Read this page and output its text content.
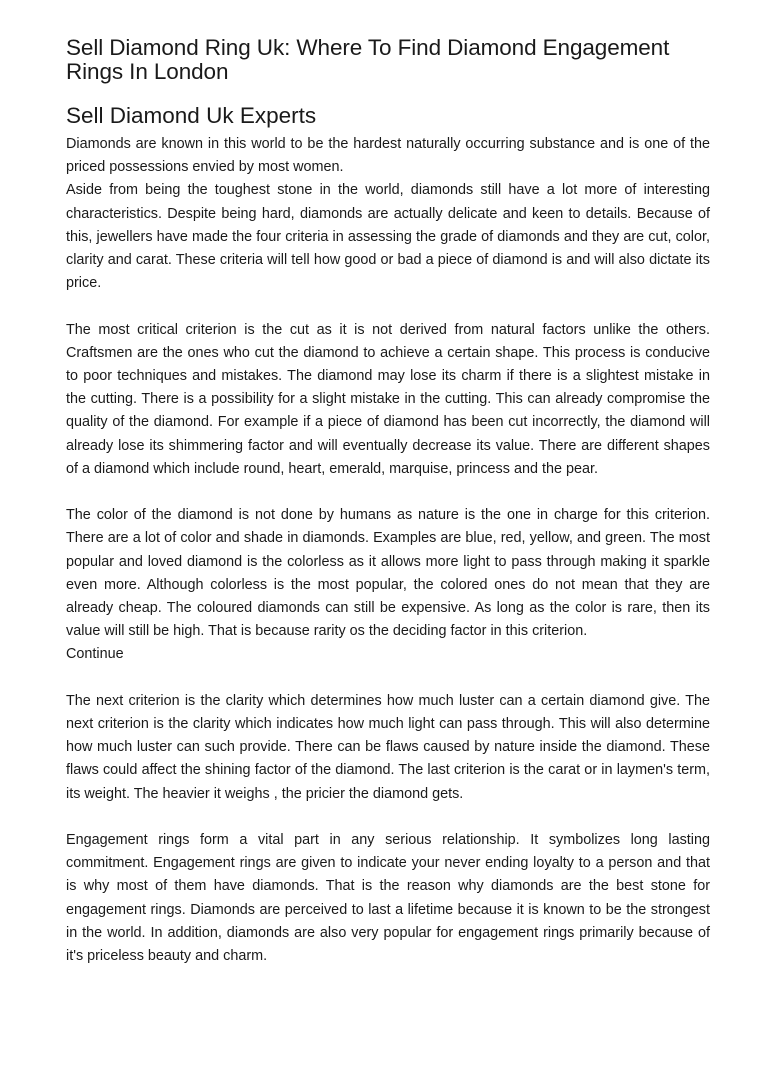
Sell Diamond Ring Uk: Where To Find Diamond Engagement Rings In London
Sell Diamond Uk Experts

Diamonds are known in this world to be the hardest naturally occurring substance and is one of the priced possessions envied by most women.

Aside from being the toughest stone in the world, diamonds still have a lot more of interesting characteristics. Despite being hard, diamonds are actually delicate and keen to details. Because of this, jewellers have made the four criteria in assessing the grade of diamonds and they are cut, color, clarity and carat. These criteria will tell how good or bad a piece of diamond is and will also dictate its price.

The most critical criterion is the cut as it is not derived from natural factors unlike the others. Craftsmen are the ones who cut the diamond to achieve a certain shape. This process is conducive to poor techniques and mistakes. The diamond may lose its charm if there is a slightest mistake in the cutting. There is a possibility for a slight mistake in the cutting. This can already compromise the quality of the diamond. For example if a piece of diamond has been cut incorrectly, the diamond will already lose its shimmering factor and will eventually decrease its value. There are different shapes of a diamond which include round, heart, emerald, marquise, princess and the pear.

The color of the diamond is not done by humans as nature is the one in charge for this criterion. There are a lot of color and shade in diamonds. Examples are blue, red, yellow, and green. The most popular and loved diamond is the colorless as it allows more light to pass through making it sparkle even more. Although colorless is the most popular, the colored ones do not mean that they are already cheap. The coloured diamonds can still be expensive. As long as the color is rare, then its value will still be high. That is because rarity os the deciding factor in this criterion.

Continue

The next criterion is the clarity which determines how much luster can a certain diamond give. The next criterion is the clarity which indicates how much light can pass through. This will also determine how much luster can such provide. There can be flaws caused by nature inside the diamond. These flaws could affect the shining factor of the diamond. The last criterion is the carat or in laymen's term, its weight. The heavier it weighs , the pricier the diamond gets.

Engagement rings form a vital part in any serious relationship. It symbolizes long lasting commitment. Engagement rings are given to indicate your never ending loyalty to a person and that is why most of them have diamonds. That is the reason why diamonds are the best stone for engagement rings. Diamonds are perceived to last a lifetime because it is known to be the strongest in the world. In addition, diamonds are also very popular for engagement rings primarily because of it's priceless beauty and charm.
